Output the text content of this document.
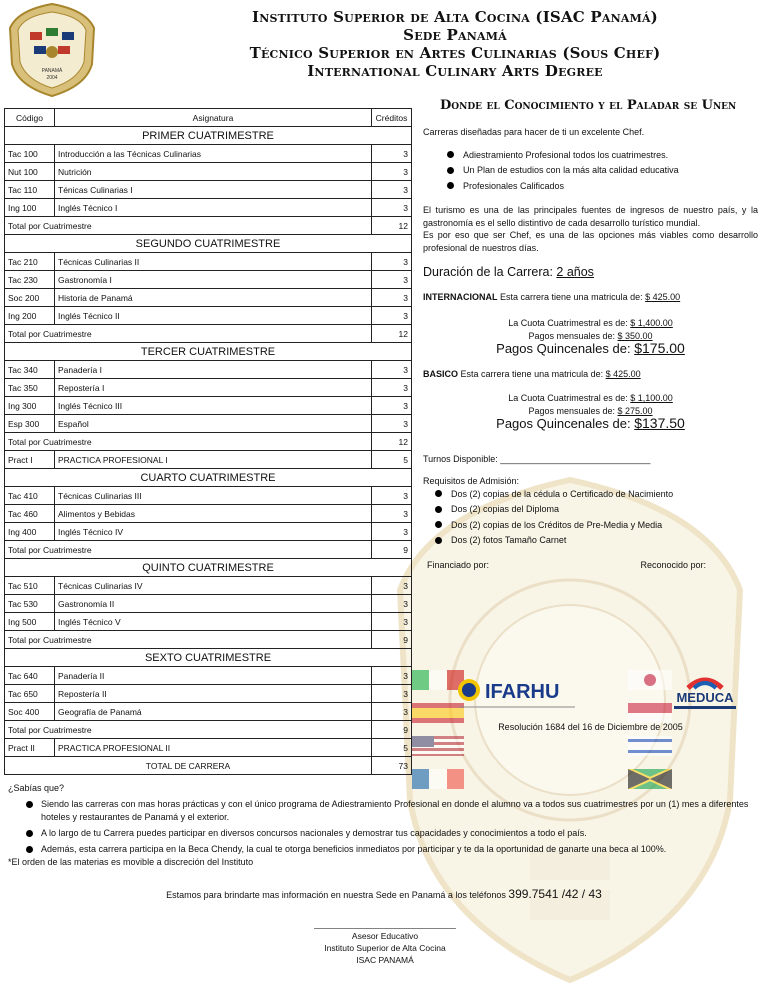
PANAMÁ
2004
Instituto Superior de Alta Cocina (ISAC Panamá)
Sede Panamá
Técnico Superior en Artes Culinarias (Sous Chef)
International Culinary Arts Degree
Donde el Conocimiento y el Paladar se Unen
Código	Asignatura	Créditos
PRIMER CUATRIMESTRE		
Tac 100	Introducción a las Técnicas Culinarias	3
Nut 100	Nutrición	3
Tac 110	Ténicas Culinarias I	3
Ing 100	Inglés Técnico I	3
Total por Cuatrimestre		12
SEGUNDO CUATRIMESTRE		
Tac 210	Técnicas Culinarias II	3
Tac 230	Gastronomía I	3
Soc 200	Historia de Panamá	3
Ing 200	Inglés Técnico II	3
Total por Cuatrimestre		12
TERCER CUATRIMESTRE		
Tac 340	Panadería I	3
Tac 350	Repostería I	3
Ing 300	Inglés Técnico III	3
Esp 300	Español	3
Total por Cuatrimestre		12
Pract I	PRACTICA PROFESIONAL I	5
CUARTO CUATRIMESTRE		
Tac 410	Técnicas Culinarias III	3
Tac 460	Alimentos y Bebidas	3
Ing 400	Inglés Técnico IV	3
Total por Cuatrimestre		9
QUINTO CUATRIMESTRE		
Tac 510	Técnicas Culinarias IV	3
Tac 530	Gastronomía II	3
Ing 500	Inglés Técnico V	3
Total por Cuatrimestre		9
SEXTO CUATRIMESTRE		
Tac 640	Panadería II	3
Tac 650	Repostería II	3
Soc 400	Geografía de Panamá	3
Total por Cuatrimestre		9
Pract II	PRACTICA PROFESIONAL II	5
TOTAL DE CARRERA		73

Carreras diseñadas para hacer de ti un excelente Chef.

Adiestramiento Profesional todos los cuatrimestres.
Un Plan de estudios con la más alta calidad educativa
Profesionales Calificados

El turismo es una de las principales fuentes de ingresos de nuestro país, y la gastronomía es el sello distintivo de cada desarrollo turístico mundial.

Es por eso que ser Chef, es una de las opciones más viables como desarrollo profesional de nuestros días.

Duración de la Carrera: 2 años

INTERNACIONAL Esta carrera tiene una matricula de: $ 425.00

La Cuota Cuatrimestral es de: $ 1,400.00

Pagos mensuales de: $ 350.00

Pagos Quincenales de: $175.00

BASICO Esta carrera tiene una matricula de: $ 425.00

La Cuota Cuatrimestral es de: $ 1,100.00

Pagos mensuales de: $ 275.00

Pagos Quincenales de: $137.50

Turnos Disponible: ______________________________

Requisitos de Admisión:

Dos (2) copias de la cédula o Certificado de Nacimiento
Dos (2) copias del Diploma
Dos (2) copias de los Créditos de Pre-Media y Media
Dos (2) fotos Tamaño Carnet
Financiado por:	Reconocido por:

IFARHU	MEDUCA
Resolución 1684 del 16 de Diciembre de 2005

¿Sabías que?

Siendo las carreras con mas horas prácticas y con el único programa de Adiestramiento Profesional en donde el alumno va a todos sus cuatrimestres por un (1) mes a diferentes hoteles y restaurantes de Panamá y el exterior.
A lo largo de tu Carrera puedes participar en diversos concursos nacionales y demostrar tus capacidades y conocimientos a todo el país.
Además, esta carrera participa en la Beca Chendy, la cual te otorga beneficios inmediatos por participar y te da la oportunidad de ganarte una beca al 100%.

*El orden de las materias es movible a discreción del Instituto

Estamos para brindarte mas información en nuestra Sede en Panamá a los teléfonos 399.7541 /42 / 43
______________________________
Asesor Educativo
Instituto Superior de Alta Cocina
ISAC PANAMÁ
